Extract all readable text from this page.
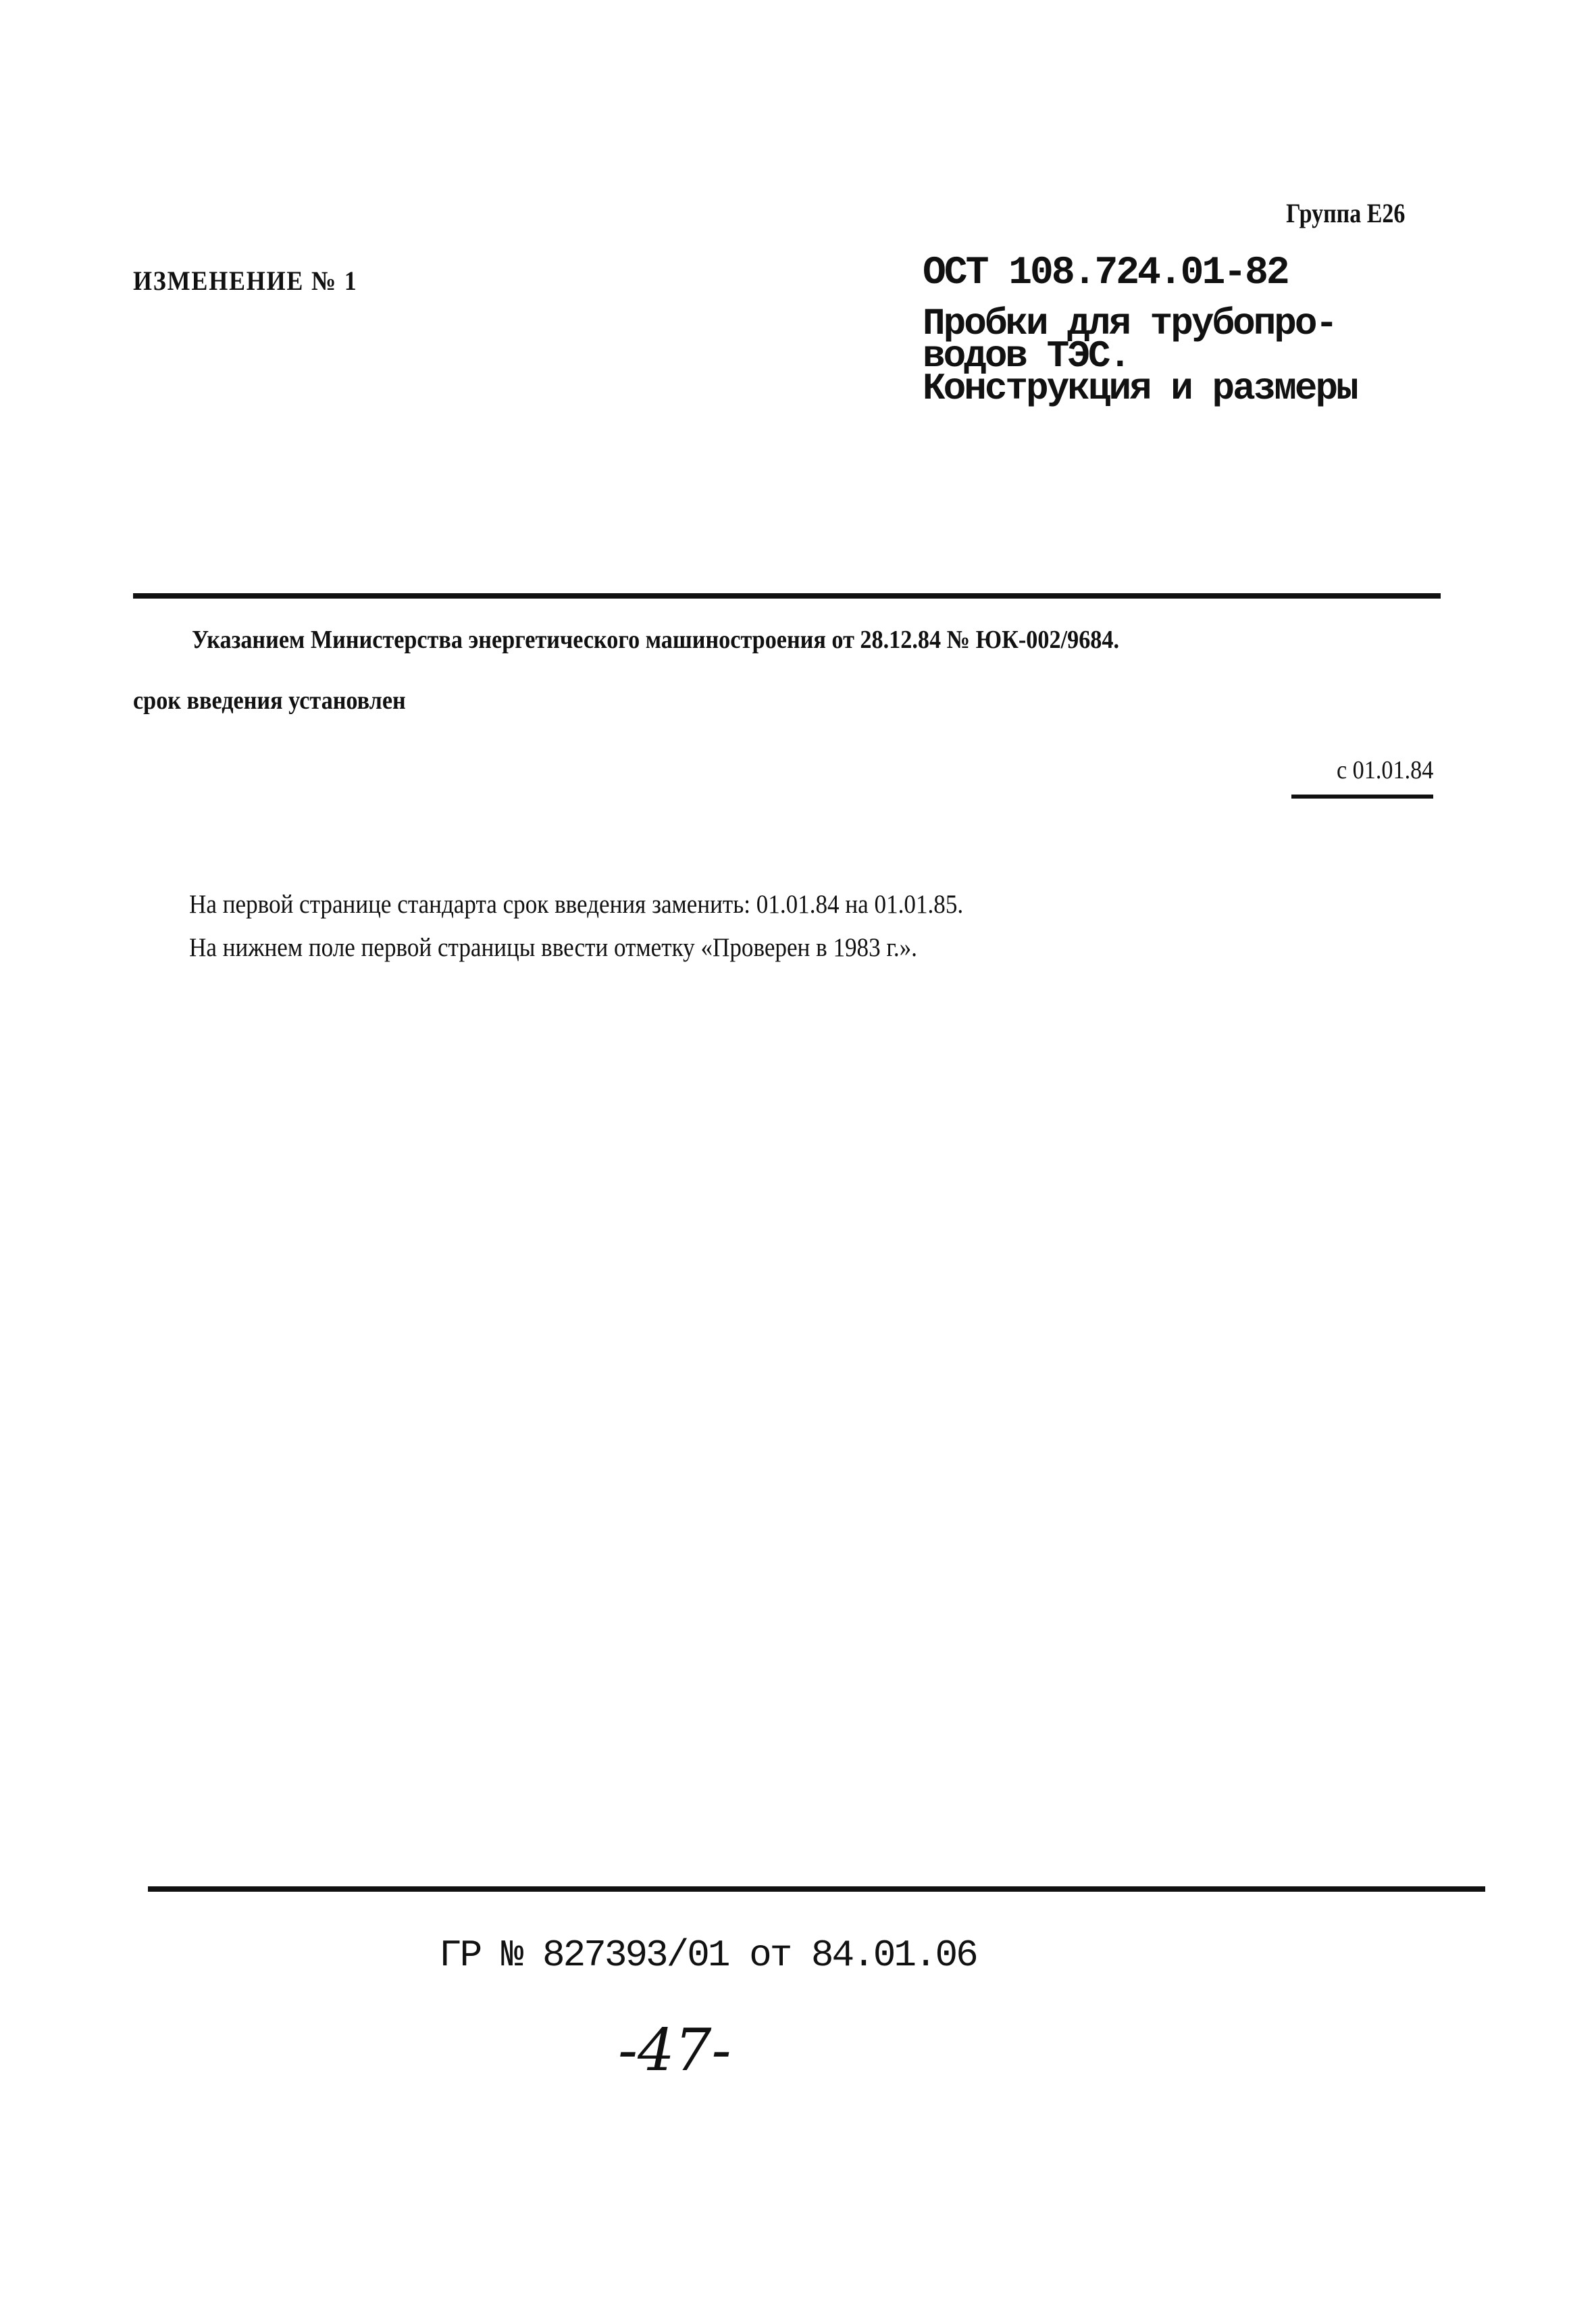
Группа Е26
ИЗМЕНЕНИЕ № 1	ОСТ 108.724.01-82
Пробки для трубопро-
водов ТЭС.
Конструкция и размеры
Указанием Министерства энергетического машиностроения от 28.12.84 № ЮК-002/9684.
срок введения установлен
с 01.01.84
На первой странице стандарта срок введения заменить: 01.01.84 на 01.01.85.
На нижнем поле первой страницы ввести отметку «Проверен в 1983 г.».
ГР № 827393/01 от 84.01.06
-47-
